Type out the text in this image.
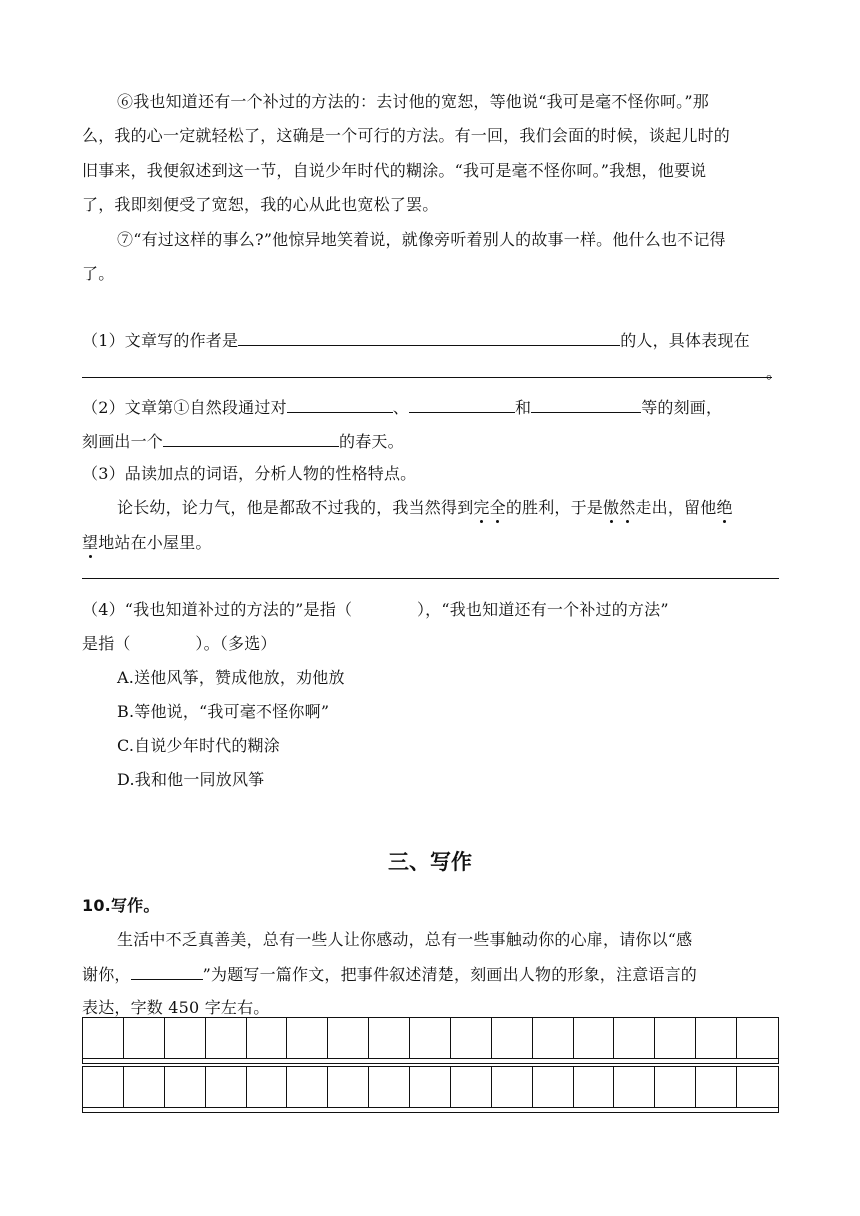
⑥我也知道还有一个补过的方法的：去讨他的宽恕，等他说“我可是毫不怪你呵。”那
么，我的心一定就轻松了，这确是一个可行的方法。有一回，我们会面的时候，谈起儿时的
旧事来，我便叙述到这一节，自说少年时代的糊涂。“我可是毫不怪你呵。”我想，他要说
了，我即刻便受了宽恕，我的心从此也宽松了罢。
⑦“有过这样的事么?”他惊异地笑着说，就像旁听着别人的故事一样。他什么也不记得
了。
（1）文章写的作者是	的人，具体表现在
。
（2）文章第①自然段通过对	、	和	等的刻画，
刻画出一个	的春天。
（3）品读加点的词语，分析人物的性格特点。
论长幼，论力气，他是都敌不过我的，我当然得到完全的胜利，于是傲然走出，留他绝
望地站在小屋里。
（4）“我也知道补过的方法的”是指（　　　　），“我也知道还有一个补过的方法”
是指（　　　　）。（多选）
A.送他风筝，赞成他放，劝他放
B.等他说，“我可毫不怪你啊”
C.自说少年时代的糊涂
D.我和他一同放风筝
三、写作
10.写作。
生活中不乏真善美，总有一些人让你感动，总有一些事触动你的心扉，请你以“感
谢你，	”为题写一篇作文，把事件叙述清楚，刻画出人物的形象，注意语言的
表达，字数 450 字左右。
